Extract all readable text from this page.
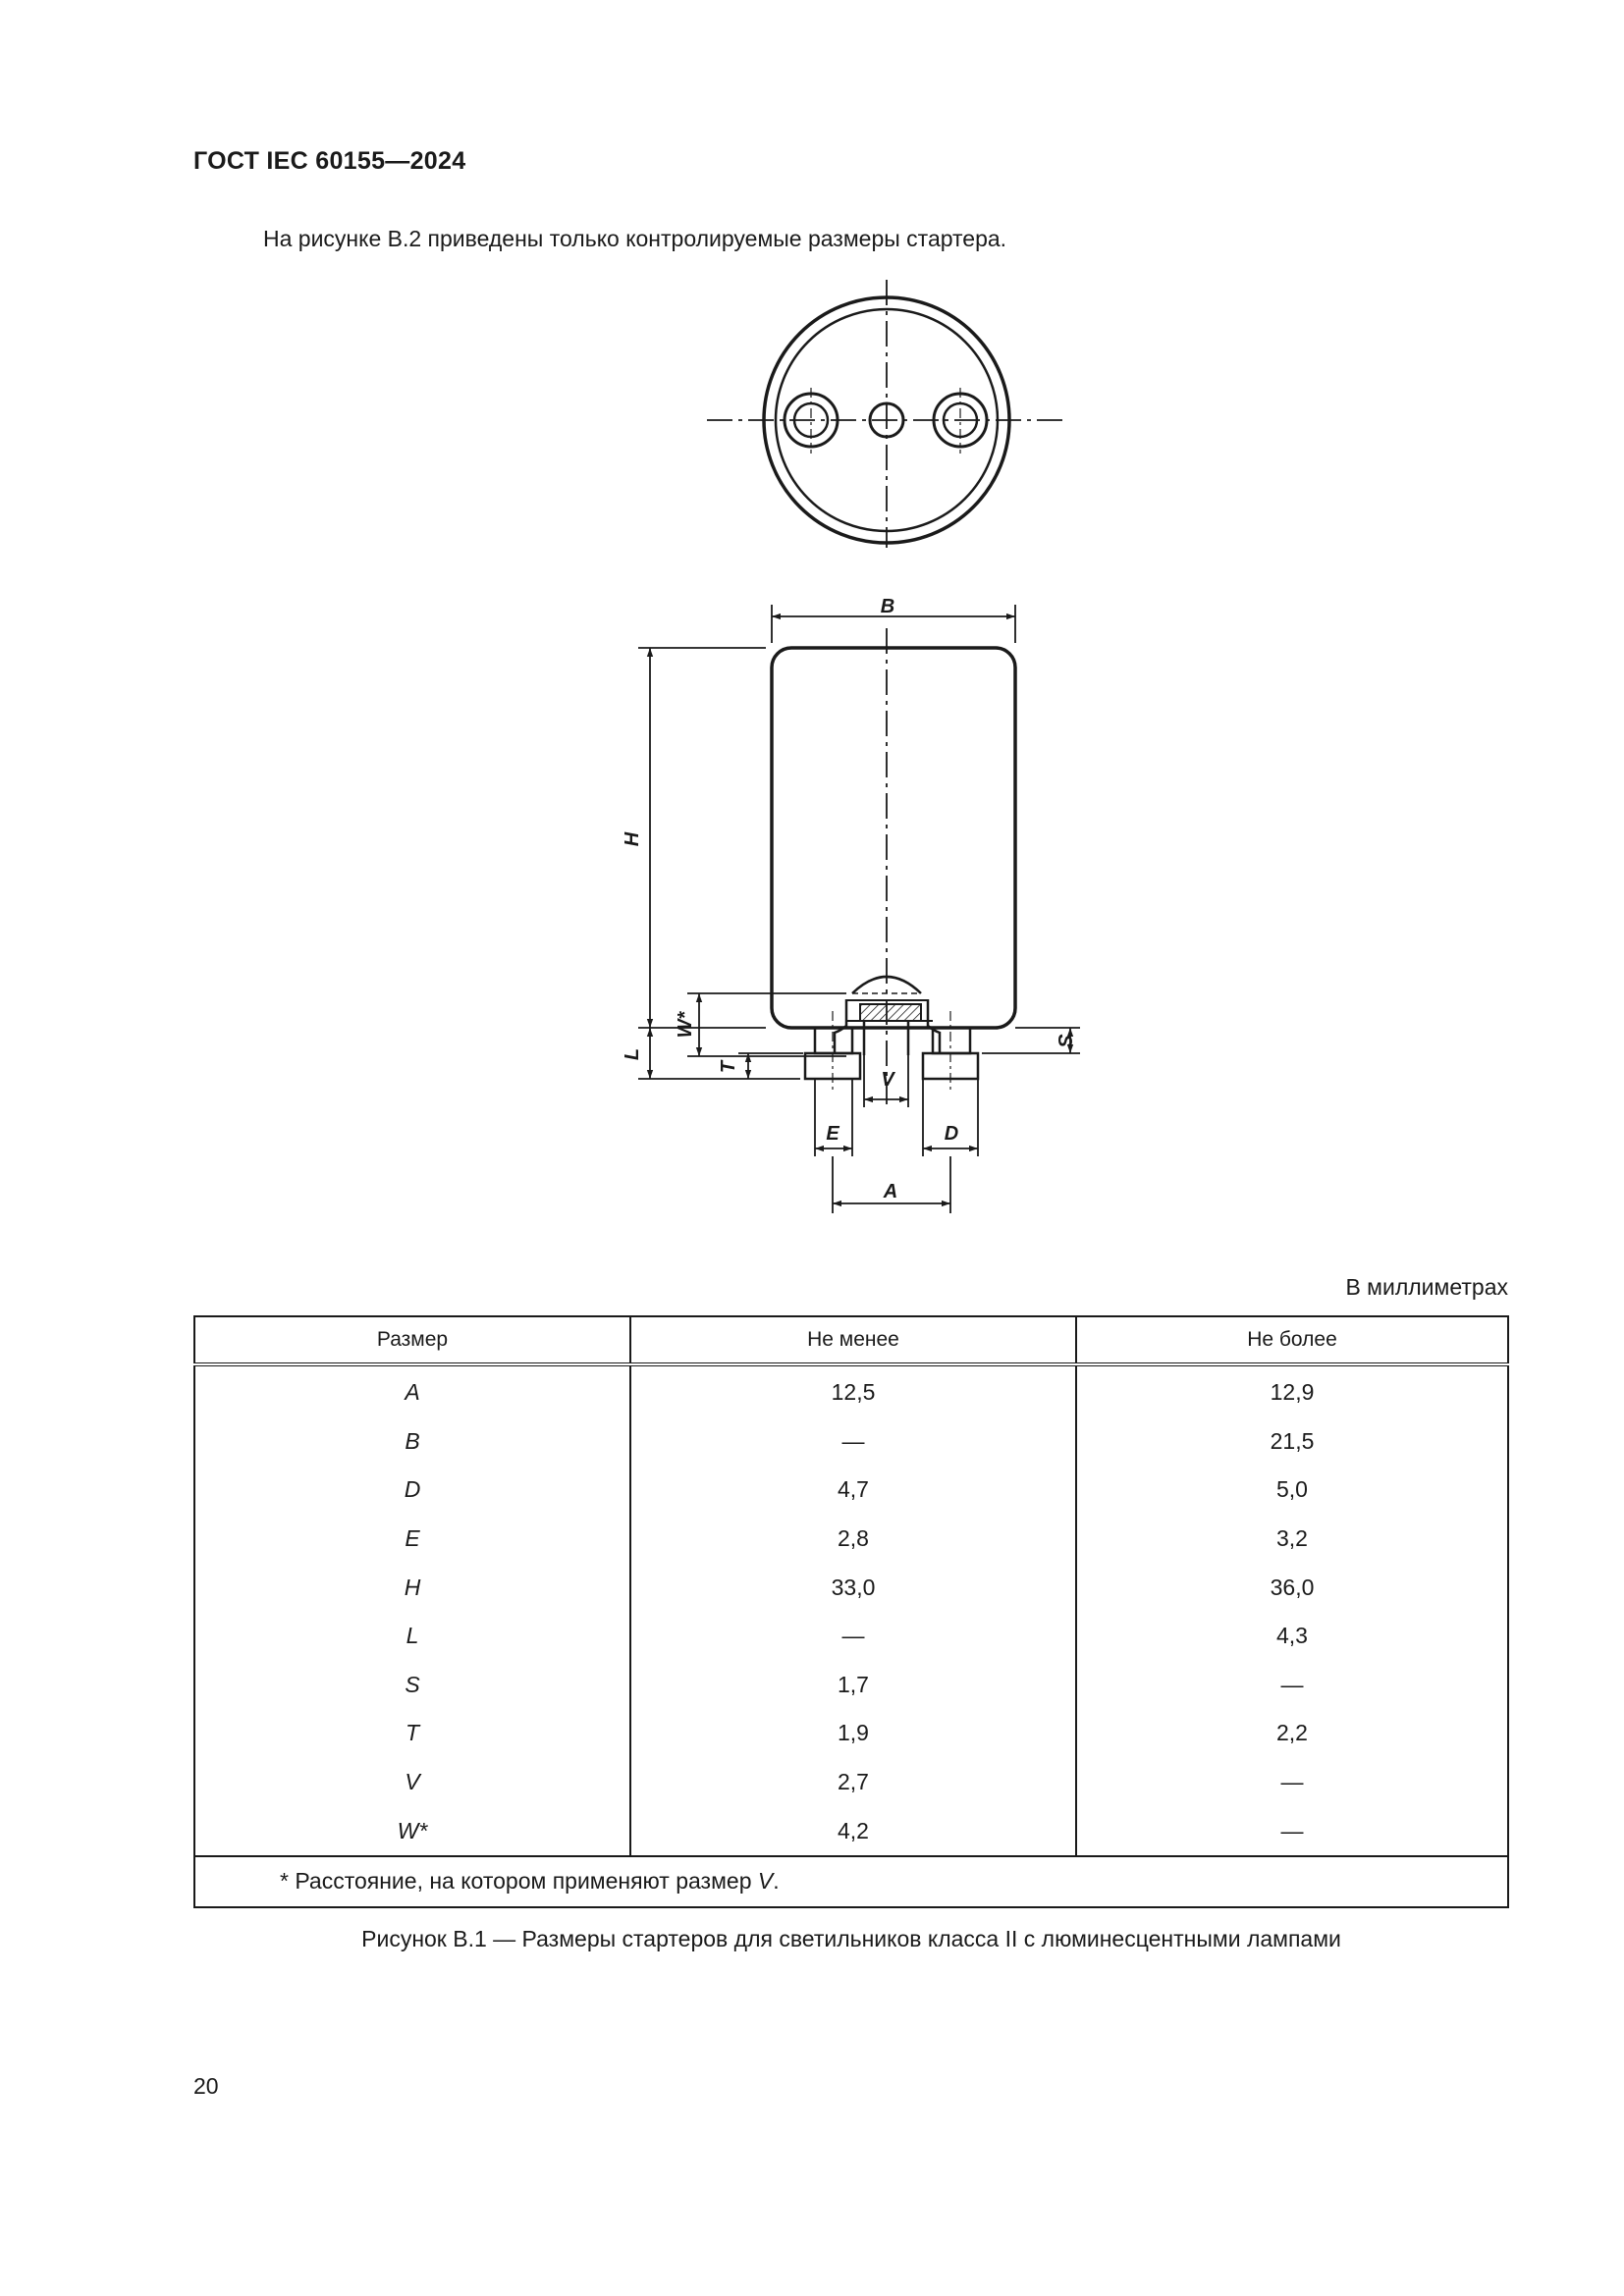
ГОСТ IEC 60155—2024
На рисунке В.2 приведены только контролируемые размеры стартера.
B
H
W*
L
T
S
V
E	D
A
В миллиметрах
Размер	Не менее	Не более
A	12,5	12,9
B	—	21,5
D	4,7	5,0
E	2,8	3,2
H	33,0	36,0
L	—	4,3
S	1,7	—
T	1,9	2,2
V	2,7	—
W*	4,2	—
* Расстояние, на котором применяют размер V.		
Рисунок В.1 — Размеры стартеров для светильников класса II с люминесцентными лампами
20
